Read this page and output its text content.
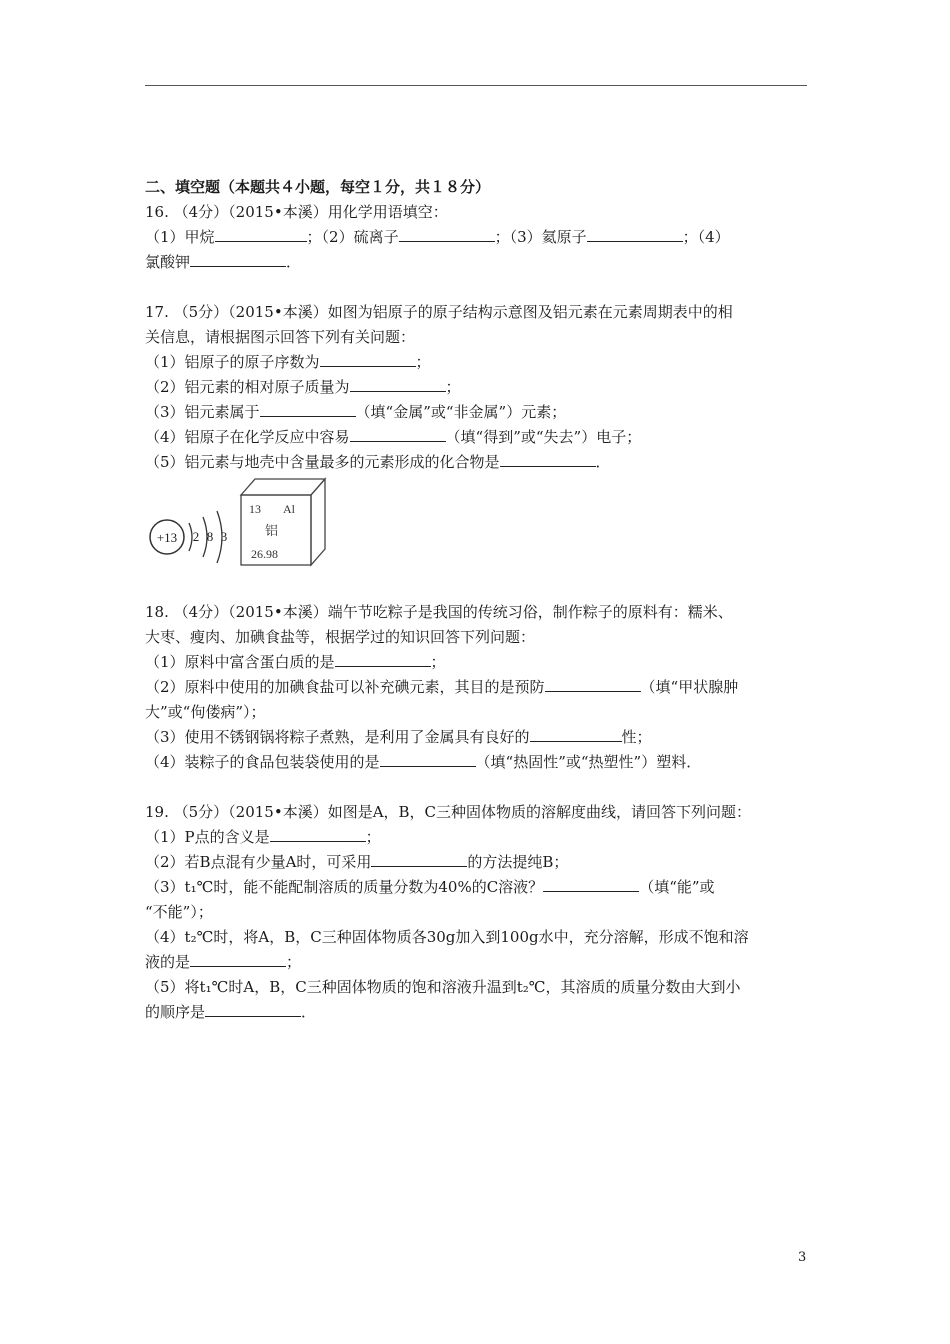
二、填空题（本题共４小题，每空１分，共１８分）
16. （4分）（2015•本溪）用化学用语填空：
（1）甲烷	；（2）硫离子	；（3）氦原子	；（4）
氯酸钾	．
17. （5分）（2015•本溪）如图为铝原子的原子结构示意图及铝元素在元素周期表中的相
关信息，请根据图示回答下列有关问题：
（1）铝原子的原子序数为	；
（2）铝元素的相对原子质量为	；
（3）铝元素属于	（填“金属”或“非金属”）元素；
（4）铝原子在化学反应中容易	（填“得到”或“失去”）电子；
（5）铝元素与地壳中含量最多的元素形成的化合物是	．
+13 2 8 3
13 Al
铝
26.98
18. （4分）（2015•本溪）端午节吃粽子是我国的传统习俗，制作粽子的原料有：糯米、
大枣、瘦肉、加碘食盐等，根据学过的知识回答下列问题：
（1）原料中富含蛋白质的是	；
（2）原料中使用的加碘食盐可以补充碘元素，其目的是预防	（填“甲状腺肿
大”或“佝偻病”）；
（3）使用不锈钢锅将粽子煮熟，是利用了金属具有良好的	性；
（4）装粽子的食品包装袋使用的是	（填“热固性”或“热塑性”）塑料．
19. （5分）（2015•本溪）如图是A，B，C三种固体物质的溶解度曲线，请回答下列问题：
（1）P点的含义是	；
（2）若B点混有少量A时，可采用	的方法提纯B；
（3）t₁℃时，能不能配制溶质的质量分数为40%的C溶液？	（填“能”或
“不能”）；
（4）t₂℃时，将A，B，C三种固体物质各30g加入到100g水中，充分溶解，形成不饱和溶
液的是	；
（5）将t₁℃时A，B，C三种固体物质的饱和溶液升温到t₂℃，其溶质的质量分数由大到小
的顺序是	．
3
